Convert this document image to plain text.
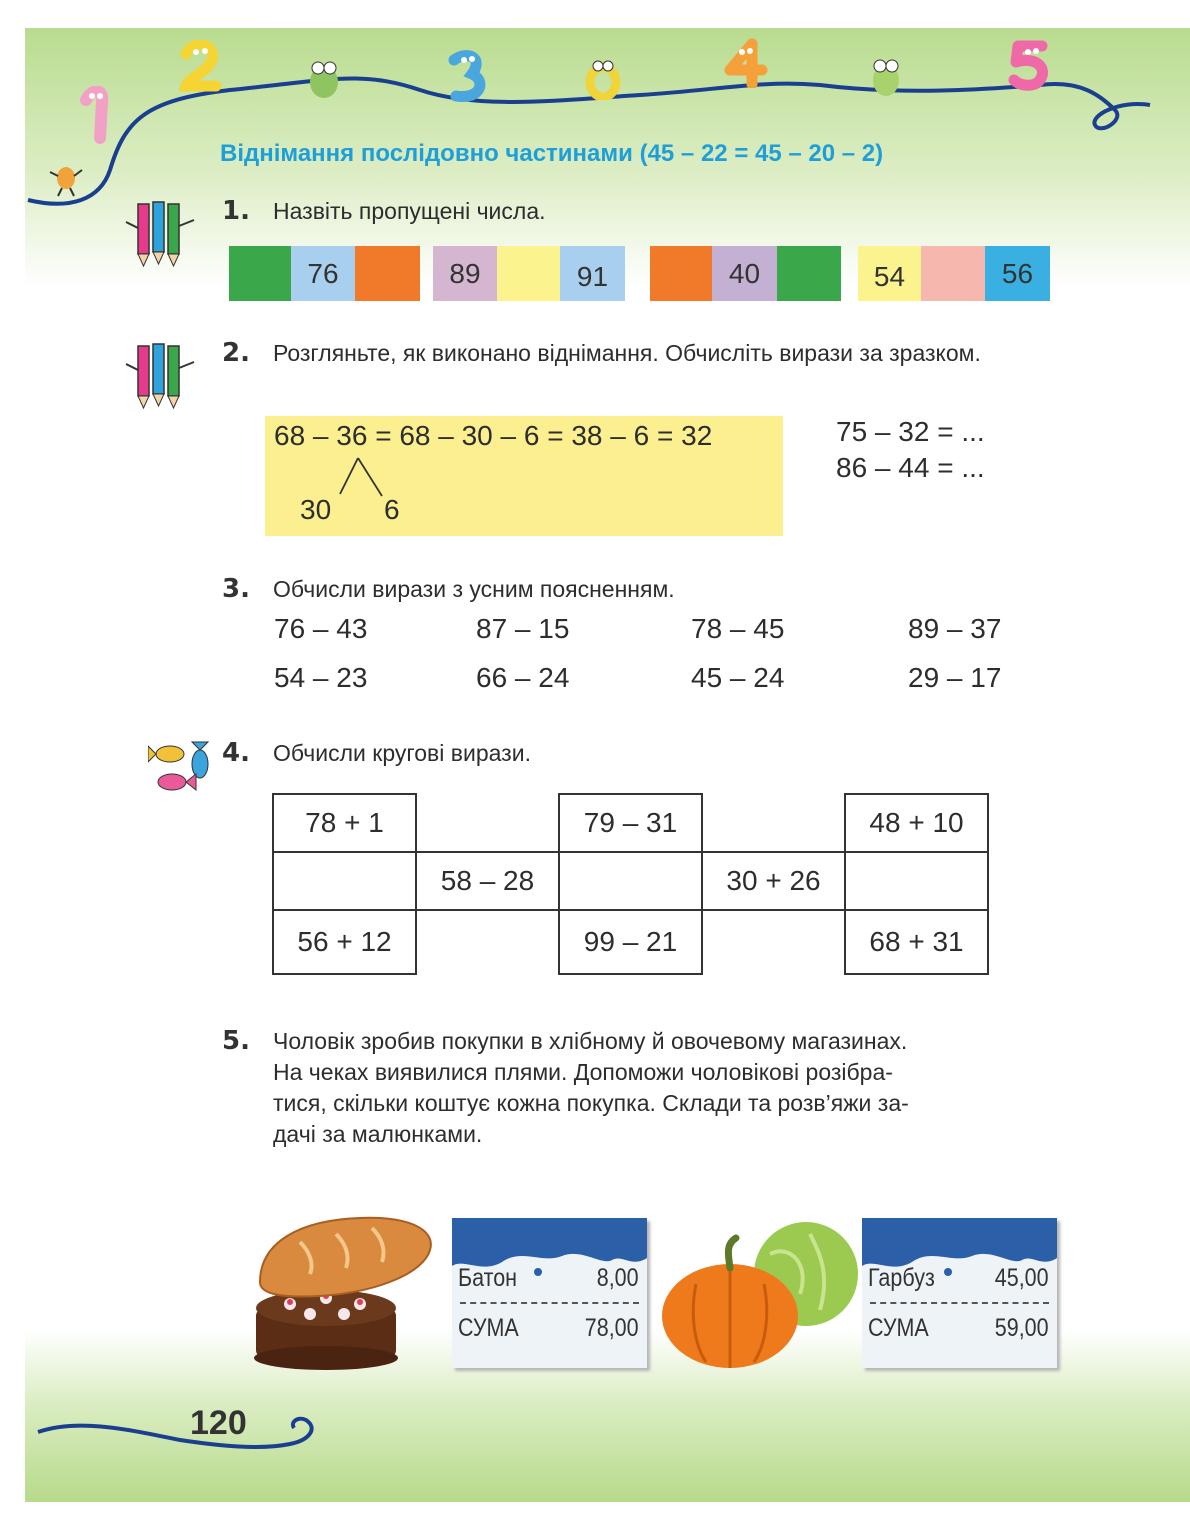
Віднімання послідовно частинами (45 – 22 = 45 – 20 – 2)
1. Назвіть пропущені числа.
76	89	91	40	54	56
2. Розгляньте, як виконано віднімання. Обчисліть вирази за зразком.
68 – 36 = 68 – 30 – 6 = 38 – 6 = 32
30 6
75 – 32 = ...
86 – 44 = ...
3. Обчисли вирази з усним поясненням.
76 – 43	87 – 15	78 – 45	89 – 37
54 – 23	66 – 24	45 – 24	29 – 17
4. Обчисли кругові вирази.
78 + 1		79 – 31		48 + 10
	58 – 28		30 + 26	
56 + 12		99 – 21		68 + 31
5. Чоловік зробив покупки в хлібному й овочевому магазинах.
На чеках виявилися плями. Допоможи чоловікові розібра-
тися, скільки коштує кожна покупка. Склади та розв’яжи за-
дачі за малюнками.
Батон	8,00
СУМА	78,00
Гарбуз 45,00
СУМА	59,00
120
